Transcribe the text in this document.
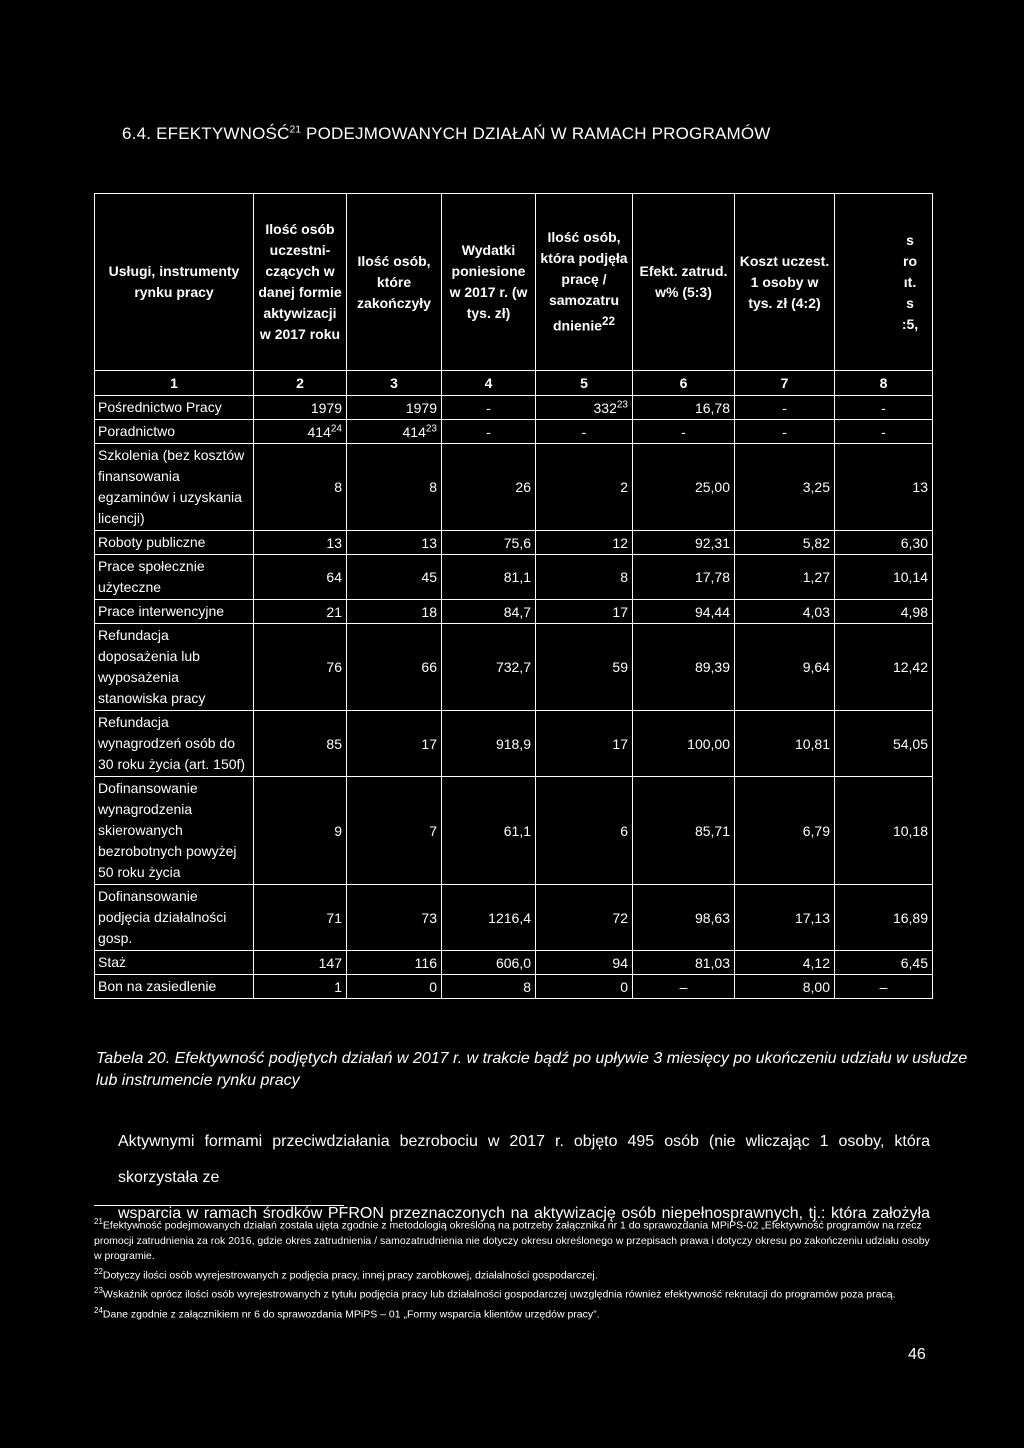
6.4. EFEKTYWNOŚĆ$^{21}$ PODEJMOWANYCH DZIAŁAŃ W RAMACH PROGRAMÓW
Usługi, instrumenty rynku pracy	Ilość osób uczestni-czących w danej formie aktywizacji w 2017 roku	Ilość osób, które zakończyły	Wydatki poniesione w 2017 r. (w tys. zł)	Ilość osób, która podjęła pracę / samozatru dnienie$^{22}$	Efekt. zatrud. w% (5:3)	Koszt uczest. 1 osoby w tys. zł (4:2)	s ro ıt. s :5,

1	2	3	4	5	6	7	8
Pośrednictwo Pracy	1979	1979	-	$332^{23}$	16,78	-	-
Poradnictwo	$414^{24}$	$414^{23}$	-	-	-	-	-
Szkolenia (bez kosztów finansowania egzaminów i uzyskania licencji)	8	8	26	2	25,00	3,25	13
Roboty publiczne	13	13	75,6	12	92,31	5,82	6,30
Prace społecznie użyteczne	64	45	81,1	8	17,78	1,27	10,14
Prace interwencyjne	21	18	84,7	17	94,44	4,03	4,98
Refundacja doposażenia lub wyposażenia stanowiska pracy	76	66	732,7	59	89,39	9,64	12,42
Refundacja wynagrodzeń osób do 30 roku życia (art. 150f)	85	17	918,9	17	100,00	10,81	54,05
Dofinansowanie wynagrodzenia skierowanych bezrobotnych powyżej 50 roku życia	9	7	61,1	6	85,71	6,79	10,18
Dofinansowanie podjęcia działalności gosp.	71	73	1216,4	72	98,63	17,13	16,89
Staż	147	116	606,0	94	81,03	4,12	6,45
Bon na zasiedlenie	1	0	8	0	–	8,00	–
Tabela 20. Efektywność podjętych działań w 2017 r. w trakcie bądź po upływie 3 miesięcy po ukończeniu udziału w usłudze lub instrumencie rynku pracy
Aktywnymi formami przeciwdziałania bezrobociu w 2017 r. objęto 495 osób (nie wliczając 1 osoby, która skorzystała ze
wsparcia w ramach środków PFRON przeznaczonych na aktywizację osób niepełnosprawnych, tj.: która założyła

$^{21}$Efektywność podejmowanych działań została ujęta zgodnie z metodologią określoną na potrzeby załącznika nr 1 do sprawozdania MPiPS-02 „Efektywność programów na rzecz promocji zatrudnienia za rok 2016, gdzie okres zatrudnienia / samozatrudnienia nie dotyczy okresu określonego w przepisach prawa i dotyczy okresu po zakończeniu udziału osoby w programie.

$^{22}$Dotyczy ilości osób wyrejestrowanych z podjęcia pracy, innej pracy zarobkowej, działalności gospodarczej.

$^{23}$Wskaźnik oprócz ilości osób wyrejestrowanych z tytułu podjęcia pracy lub działalności gospodarczej uwzględnia również efektywność rekrutacji do programów poza pracą.

$^{24}$Dane zgodnie z załącznikiem nr 6 do sprawozdania MPiPS – 01 „Formy wsparcia klientów urzędów pracy”.

46
